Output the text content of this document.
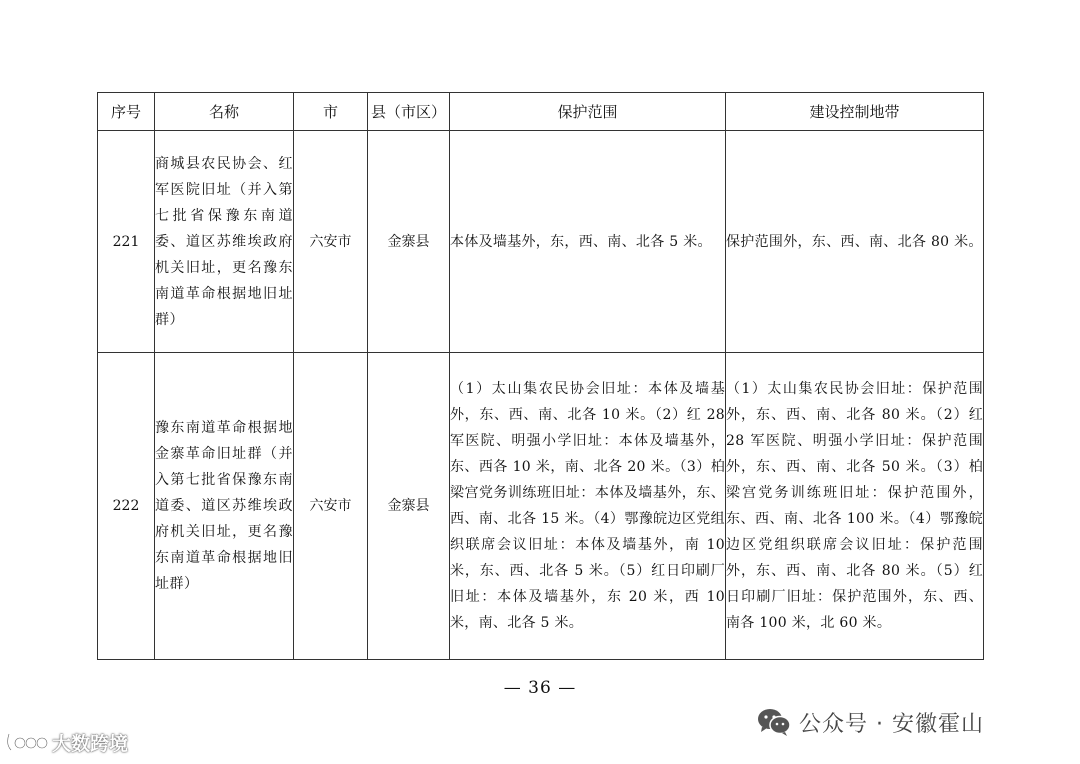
序号	名称	市	县（市区）	保护范围	建设控制地带
221	商城县农民协会、红军医院旧址（并入第七批省保豫东南道委、道区苏维埃政府机关旧址，更名豫东南道革命根据地旧址群）	六安市	金寨县	本体及墙基外，东，西、南、北各 5 米。	保护范围外，东、西、南、北各 80 米。
222	豫东南道革命根据地金寨革命旧址群（并入第七批省保豫东南道委、道区苏维埃政府机关旧址，更名豫东南道革命根据地旧址群）	六安市	金寨县	（1）太山集农民协会旧址：本体及墙基外，东、西、南、北各 10 米。（2）红 28 军医院、明强小学旧址：本体及墙基外，东、西各 10 米，南、北各 20 米。（3）柏梁宫党务训练班旧址：本体及墙基外，东、西、南、北各 15 米。（4）鄂豫皖边区党组织联席会议旧址：本体及墙基外，南 10 米，东、西、北各 5 米。（5）红日印刷厂旧址：本体及墙基外，东 20 米，西 10 米，南、北各 5 米。	（1）太山集农民协会旧址：保护范围外，东、西、南、北各 80 米。（2）红 28 军医院、明强小学旧址：保护范围外，东、西、南、北各 50 米。（3）柏梁宫党务训练班旧址：保护范围外，东、西、南、北各 100 米。（4）鄂豫皖边区党组织联席会议旧址：保护范围外，东、西、南、北各 80 米。（5）红日印刷厂旧址：保护范围外，东、西、南各 100 米，北 60 米。
— 36 —
公众号 · 安徽霍山
大数跨境
